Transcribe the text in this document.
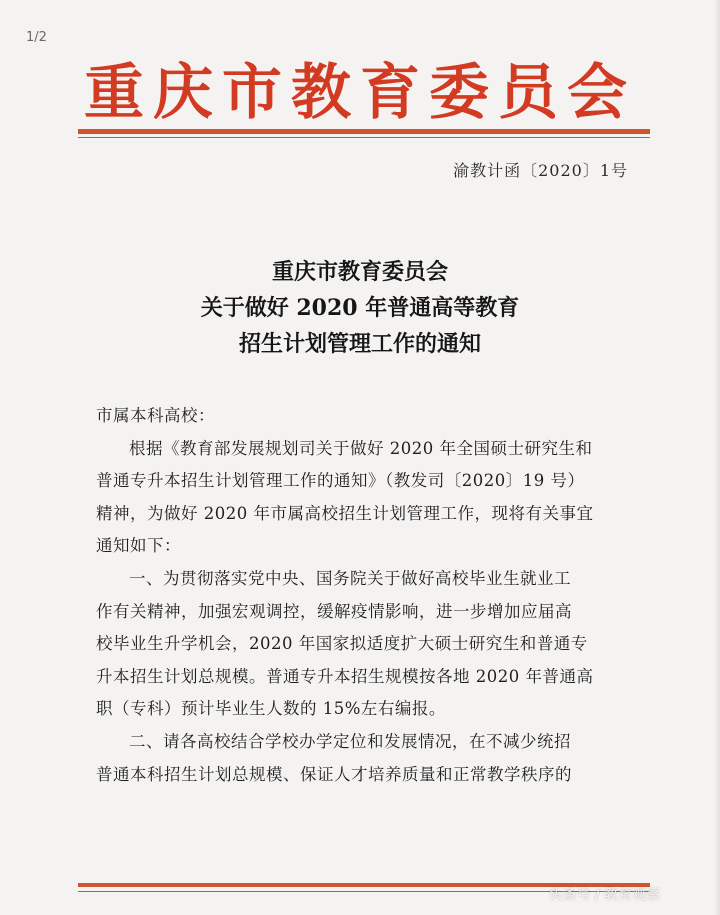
1/2
重庆市教育委员会
渝教计函〔2020〕1号
重庆市教育委员会
关于做好 2020 年普通高等教育
招生计划管理工作的通知
市属本科高校：
根据《教育部发展规划司关于做好 2020 年全国硕士研究生和
普通专升本招生计划管理工作的通知》（教发司〔2020〕19 号）
精神，为做好 2020 年市属高校招生计划管理工作，现将有关事宜
通知如下：
一、为贯彻落实党中央、国务院关于做好高校毕业生就业工
作有关精神，加强宏观调控，缓解疫情影响，进一步增加应届高
校毕业生升学机会，2020 年国家拟适度扩大硕士研究生和普通专
升本招生计划总规模。普通专升本招生规模按各地 2020 年普通高
职（专科）预计毕业生人数的 15%左右编报。
二、请各高校结合学校办学定位和发展情况，在不减少统招
普通本科招生计划总规模、保证人才培养质量和正常教学秩序的
头条号 / 教育观察
